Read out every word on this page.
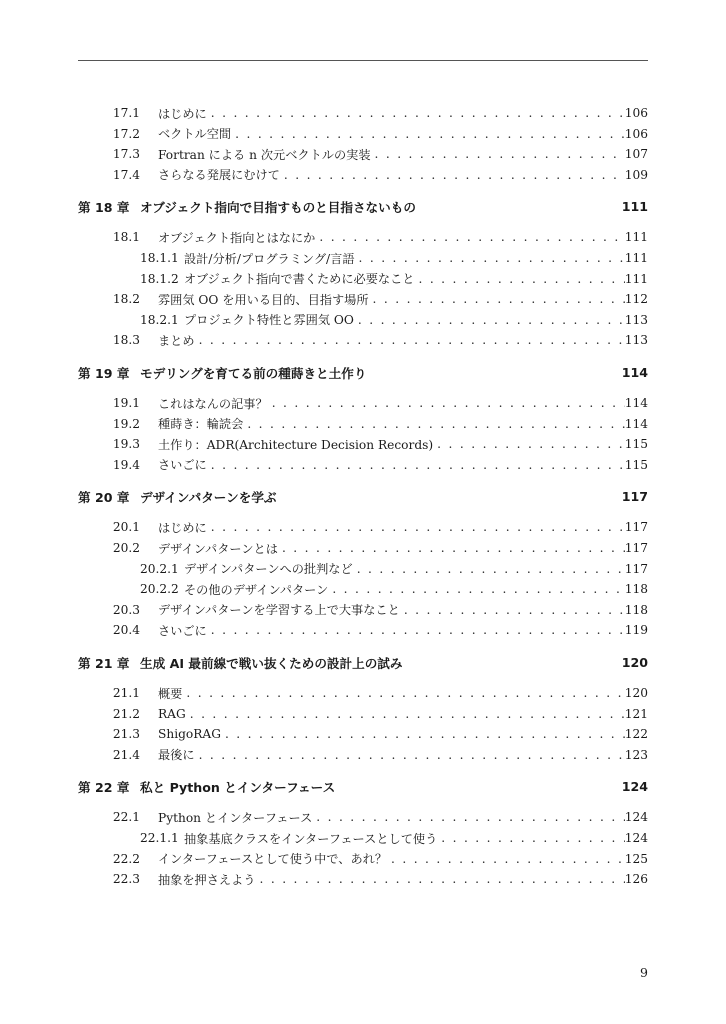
17.1 はじめに . . .	106
17.2 ベクトル空間 . . .	106
17.3 Fortran による n 次元ベクトルの実装 . . .	107
17.4 さらなる発展にむけて . . .	109
第 18 章 オブジェクト指向で目指すものと目指さないもの	111
18.1 オブジェクト指向とはなにか . . .	111
18.1.1 設計/分析/プログラミング/言語 . . .	111
18.1.2 オブジェクト指向で書くために必要なこと . . .	111
18.2 雰囲気 OO を用いる目的、目指す場所 . . .	112
18.2.1 プロジェクト特性と雰囲気 OO . . .	113
18.3 まとめ . . .	113
第 19 章 モデリングを育てる前の種蒔きと土作り	114
19.1 これはなんの記事？ . . .	114
19.2 種蒔き：輪読会 . . .	114
19.3 土作り：ADR(Architecture Decision Records) . . .	115
19.4 さいごに . . .	115
第 20 章 デザインパターンを学ぶ	117
20.1 はじめに . . .	117
20.2 デザインパターンとは . . .	117
20.2.1 デザインパターンへの批判など . . .	117
20.2.2 その他のデザインパターン . . .	118
20.3 デザインパターンを学習する上で大事なこと . . .	118
20.4 さいごに . . .	119
第 21 章 生成 AI 最前線で戦い抜くための設計上の試み	120
21.1 概要 . . .	120
21.2 RAG . . .	121
21.3 ShigoRAG . . .	122
21.4 最後に . . .	123
第 22 章 私と Python とインターフェース	124
22.1 Python とインターフェース . . .	124
22.1.1 抽象基底クラスをインターフェースとして使う . . .	124
22.2 インターフェースとして使う中で、あれ？ . . .	125
22.3 抽象を押さえよう . . .	126
9
